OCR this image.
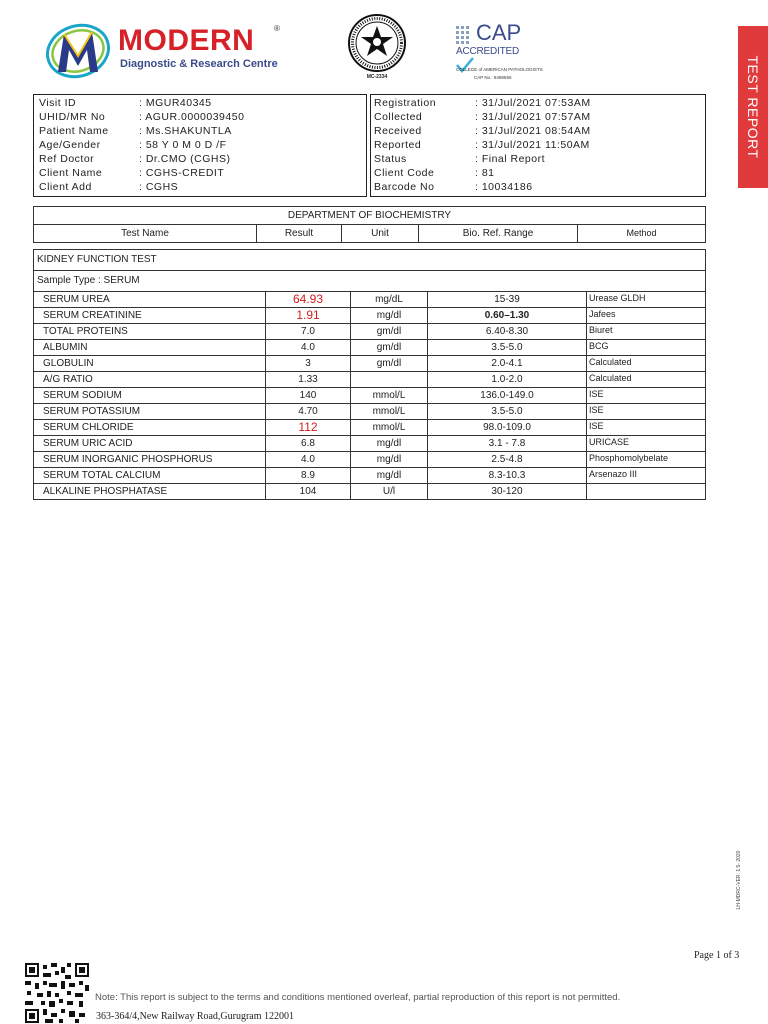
MODERN ®
Diagnostic & Research Centre
MC-2334
CAP
ACCREDITED
COLLEGE of AMERICAN PATHOLOGISTS
CAP No.: 8498556	TEST REPORT
Visit ID	: MGUR40345
UHID/MR No	: AGUR.0000039450
Patient Name	: Ms.SHAKUNTLA
Age/Gender	: 58 Y 0 M 0 D /F
Ref Doctor	: Dr.CMO (CGHS)
Client Name	: CGHS-CREDIT
Client Add	: CGHS
Registration	: 31/Jul/2021 07:53AM
Collected	: 31/Jul/2021 07:57AM
Received	: 31/Jul/2021 08:54AM
Reported	: 31/Jul/2021 11:50AM
Status	: Final Report
Client Code	: 81
Barcode No	: 10034186
DEPARTMENT OF BIOCHEMISTRY
Test Name	Result	Unit	Bio. Ref. Range	Method
KIDNEY FUNCTION TEST				
Sample Type : SERUM				
SERUM UREA	64.93	mg/dL	15-39	Urease GLDH
SERUM CREATININE	1.91	mg/dl	0.60–1.30	Jafees
TOTAL PROTEINS	7.0	gm/dl	6.40-8.30	Biuret
ALBUMIN	4.0	gm/dl	3.5-5.0	BCG
GLOBULIN	3	gm/dl	2.0-4.1	Calculated
A/G RATIO	1.33		1.0-2.0	Calculated
SERUM SODIUM	140	mmol/L	136.0-149.0	ISE
SERUM POTASSIUM	4.70	mmol/L	3.5-5.0	ISE
SERUM CHLORIDE	112	mmol/L	98.0-109.0	ISE
SERUM URIC ACID	6.8	mg/dl	3.1 - 7.8	URICASE
SERUM INORGANIC PHOSPHORUS	4.0	mg/dl	2.5-4.8	Phosphomolybelate
SERUM TOTAL CALCIUM	8.9	mg/dl	8.3-10.3	Arsenazo III
ALKALINE PHOSPHATASE	104	U/l	30-120	
LH-MDRC-VER: 1.5- 2020
Page 1 of 3
Note: This report is subject to the terms and conditions mentioned overleaf, partial reproduction of this report is not permitted.
363-364/4,New Railway Road,Gurugram 122001
